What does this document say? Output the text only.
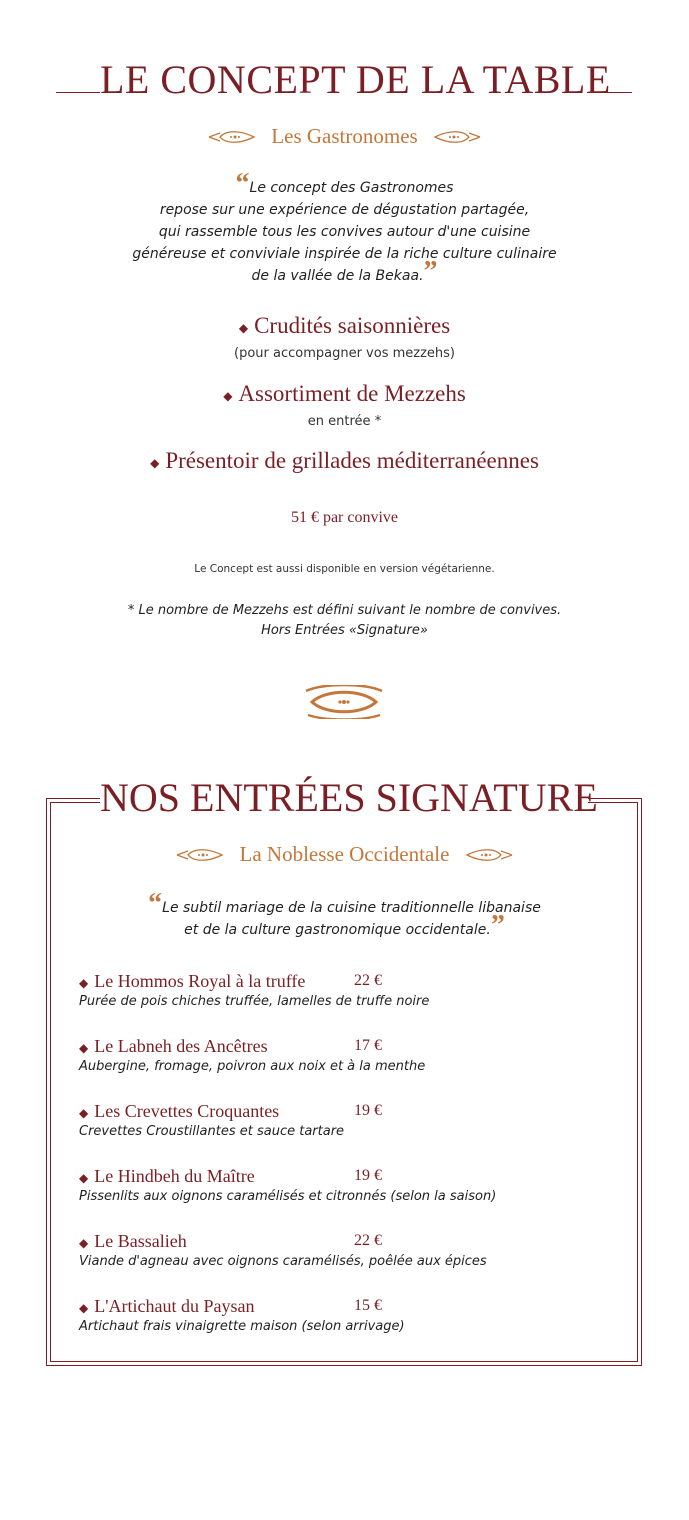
LE CONCEPT DE LA TABLE
Les Gastronomes
“Le concept des Gastronomes
repose sur une expérience de dégustation partagée,
qui rassemble tous les convives autour d'une cuisine
généreuse et conviviale inspirée de la riche culture culinaire
de la vallée de la Bekaa.”
◆ Crudités saisonnières
(pour accompagner vos mezzehs)
◆ Assortiment de Mezzehs
en entrée *
◆ Présentoir de grillades méditerranéennes
51 € par convive
Le Concept est aussi disponible en version végétarienne.
* Le nombre de Mezzehs est défini suivant le nombre de convives.
Hors Entrées «Signature»
NOS ENTRÉES SIGNATURE
La Noblesse Occidentale
“Le subtil mariage de la cuisine traditionnelle libanaise
et de la culture gastronomique occidentale.”
◆ Le Hommos Royal à la truffe	22 €
Purée de pois chiches truffée, lamelles de truffe noire
◆ Le Labneh des Ancêtres	17 €
Aubergine, fromage, poivron aux noix et à la menthe
◆ Les Crevettes Croquantes	19 €
Crevettes Croustillantes et sauce tartare
◆ Le Hindbeh du Maître	19 €
Pissenlits aux oignons caramélisés et citronnés (selon la saison)
◆ Le Bassalieh	22 €
Viande d'agneau avec oignons caramélisés, poêlée aux épices
◆ L'Artichaut du Paysan	15 €
Artichaut frais vinaigrette maison (selon arrivage)
